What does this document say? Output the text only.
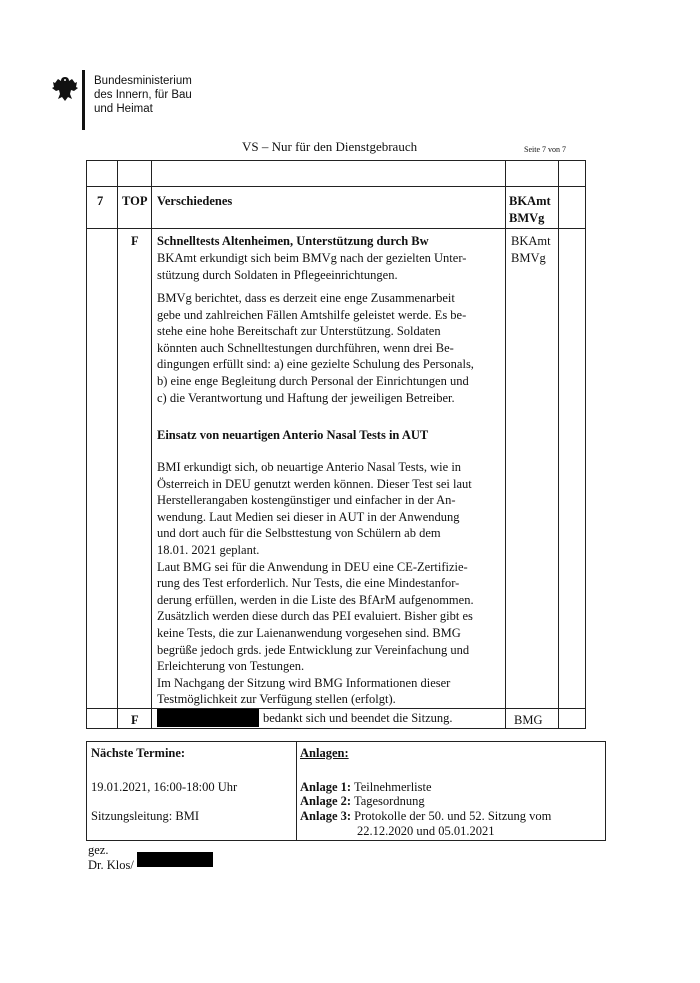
Bundesministerium
des Innern, für Bau
und Heimat
VS – Nur für den Dienstgebrauch	Seite 7 von 7
7 TOP Verschiedenes	BKAmt
BMVg
F Schnelltests Altenheimen, Unterstützung durch Bw	BKAmt
BMVg
BKAmt erkundigt sich beim BMVg nach der gezielten Unter-
stützung durch Soldaten in Pflegeeinrichtungen.
BMVg berichtet, dass es derzeit eine enge Zusammenarbeit
gebe und zahlreichen Fällen Amtshilfe geleistet werde. Es be-
stehe eine hohe Bereitschaft zur Unterstützung. Soldaten
könnten auch Schnelltestungen durchführen, wenn drei Be-
dingungen erfüllt sind: a) eine gezielte Schulung des Personals,
b) eine enge Begleitung durch Personal der Einrichtungen und
c) die Verantwortung und Haftung der jeweiligen Betreiber.
Einsatz von neuartigen Anterio Nasal Tests in AUT
BMI erkundigt sich, ob neuartige Anterio Nasal Tests, wie in
Österreich in DEU genutzt werden können. Dieser Test sei laut
Herstellerangaben kostengünstiger und einfacher in der An-
wendung. Laut Medien sei dieser in AUT in der Anwendung
und dort auch für die Selbsttestung von Schülern ab dem
18.01. 2021 geplant.
Laut BMG sei für die Anwendung in DEU eine CE-Zertifizie-
rung des Test erforderlich. Nur Tests, die eine Mindestanfor-
derung erfüllen, werden in die Liste des BfArM aufgenommen.
Zusätzlich werden diese durch das PEI evaluiert. Bisher gibt es
keine Tests, die zur Laienanwendung vorgesehen sind. BMG
begrüße jedoch grds. jede Entwicklung zur Vereinfachung und
Erleichterung von Testungen.
Im Nachgang der Sitzung wird BMG Informationen dieser
Testmöglichkeit zur Verfügung stellen (erfolgt).
F	bedankt sich und beendet die Sitzung.	BMG
Nächste Termine:
19.01.2021, 16:00-18:00 Uhr
Sitzungsleitung: BMI
Anlagen:
Anlage 1: Teilnehmerliste
Anlage 2: Tagesordnung
Anlage 3: Protokolle der 50. und 52. Sitzung vom
22.12.2020 und 05.01.2021
gez.
Dr. Klos/
